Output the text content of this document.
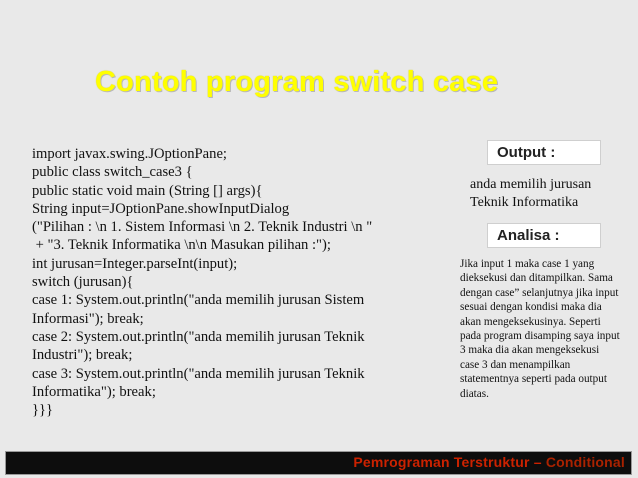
Contoh program switch case
import javax.swing.JOptionPane;
public class switch_case3 {
public static void main (String [] args){
String input=JOptionPane.showInputDialog
("Pilihan : \n 1. Sistem Informasi \n 2. Teknik Industri \n "
+ "3. Teknik Informatika \n\n Masukan pilihan :");
int jurusan=Integer.parseInt(input);
switch (jurusan){
case 1: System.out.println("anda memilih jurusan Sistem
Informasi"); break;
case 2: System.out.println("anda memilih jurusan Teknik
Industri"); break;
case 3: System.out.println("anda memilih jurusan Teknik
Informatika"); break;
}}}
Output :
anda memilih jurusan Teknik Informatika
Analisa :
Jika input 1 maka case 1 yang dieksekusi dan ditampilkan. Sama dengan case” selanjutnya jika input sesuai dengan kondisi maka dia akan mengeksekusinya. Seperti pada program disamping saya input 3 maka dia akan mengeksekusi case 3 dan menampilkan statementnya seperti pada output diatas.
Pemrograman Terstruktur – Conditional
